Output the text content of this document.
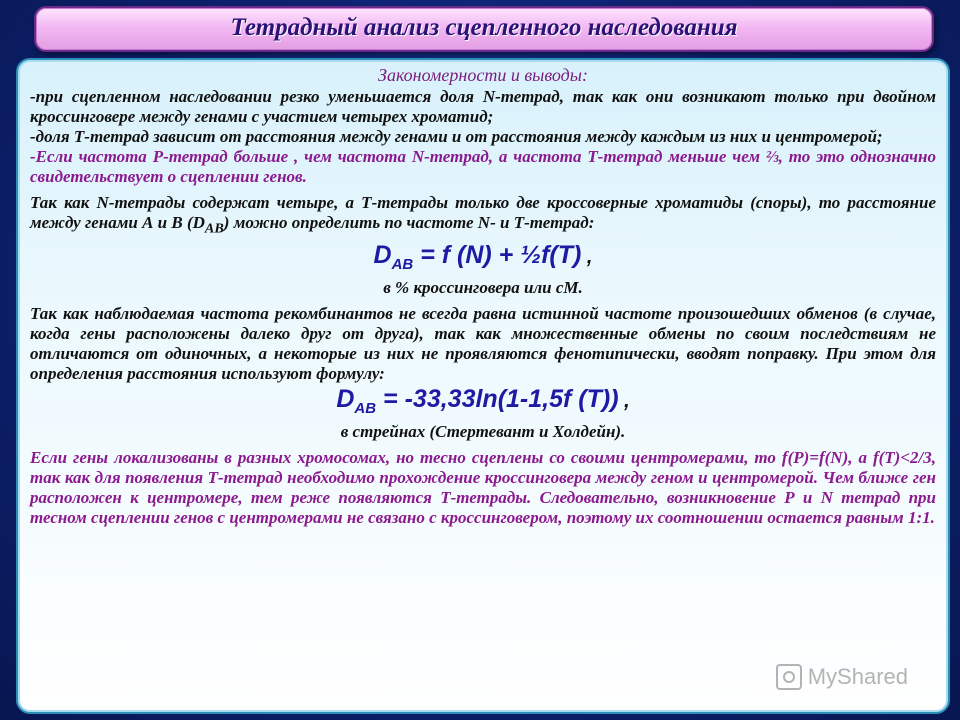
Тетрадный анализ сцепленного наследования
Закономерности и выводы:

-при сцепленном наследовании резко уменьшается доля N-тетрад, так как они возникают только при двойном кроссинговере между генами с участием четырех хроматид;

-доля Т-тетрад зависит от расстояния между генами и от расстояния между каждым из них и центромерой;

-Если частота Р-тетрад больше , чем частота N-тетрад, а частота Т-тетрад меньше чем ⅔, то это однозначно свидетельствует о сцеплении генов.

Так как N-тетрады содержат четыре, а Т-тетрады только две кроссоверные хроматиды (споры), то расстояние между генами А и В $(D_{AB})$ можно определить по частоте N- и Т-тетрад:

$D_{AB} = f$ (N) + ½f(T) ,
в % кроссинговера или сМ.

Так как наблюдаемая частота рекомбинантов не всегда равна истинной частоте произошедших обменов (в случае, когда гены расположены далеко друг от друга), так как множественные обмены по своим последствиям не отличаются от одиночных, а некоторые из них не проявляются фенотипически, вводят поправку. При этом для определения расстояния используют формулу:

$D_{AB} = -33,33\ln(1-1,5f$ (T)) ,
в стрейнах (Стертевант и Холдейн).

Если гены локализованы в разных хромосомах, но тесно сцеплены со своими центромерами, то f(P)=f(N), а f(T)<2/3, так как для появления Т-тетрад необходимо прохождение кроссинговера между геном и центромерой. Чем ближе ген расположен к центромере, тем реже появляются Т-тетрады. Следовательно, возникновение Р и N тетрад при тесном сцеплении генов с центромерами не связано с кроссинговером, поэтому их соотношении остается равным 1:1.

MyShared
